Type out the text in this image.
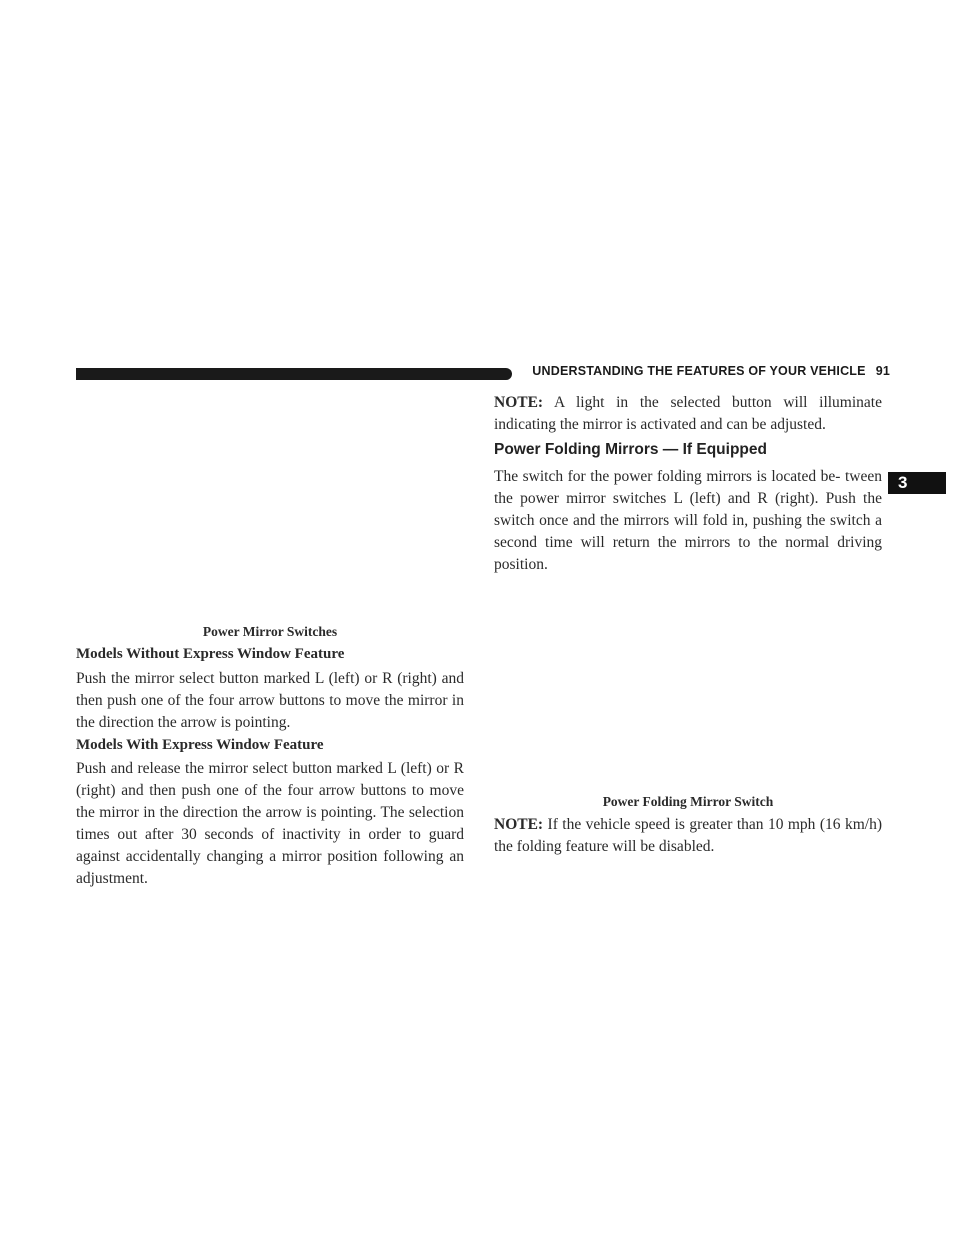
UNDERSTANDING THE FEATURES OF YOUR VEHICLE 91
3
Power Mirror Switches
Models Without Express Window Feature

Push the mirror select button marked L (left) or R (right) and then push one of the four arrow buttons to move the mirror in the direction the arrow is pointing.

Models With Express Window Feature

Push and release the mirror select button marked L (left) or R (right) and then push one of the four arrow buttons to move the mirror in the direction the arrow is pointing. The selection times out after 30 seconds of inactivity in order to guard against accidentally changing a mirror position following an adjustment.

NOTE: A light in the selected button will illuminate indicating the mirror is activated and can be adjusted.

Power Folding Mirrors — If Equipped

The switch for the power folding mirrors is located be- tween the power mirror switches L (left) and R (right). Push the switch once and the mirrors will fold in, pushing the switch a second time will return the mirrors to the normal driving position.

Power Folding Mirror Switch

NOTE: If the vehicle speed is greater than 10 mph (16 km/h) the folding feature will be disabled.
